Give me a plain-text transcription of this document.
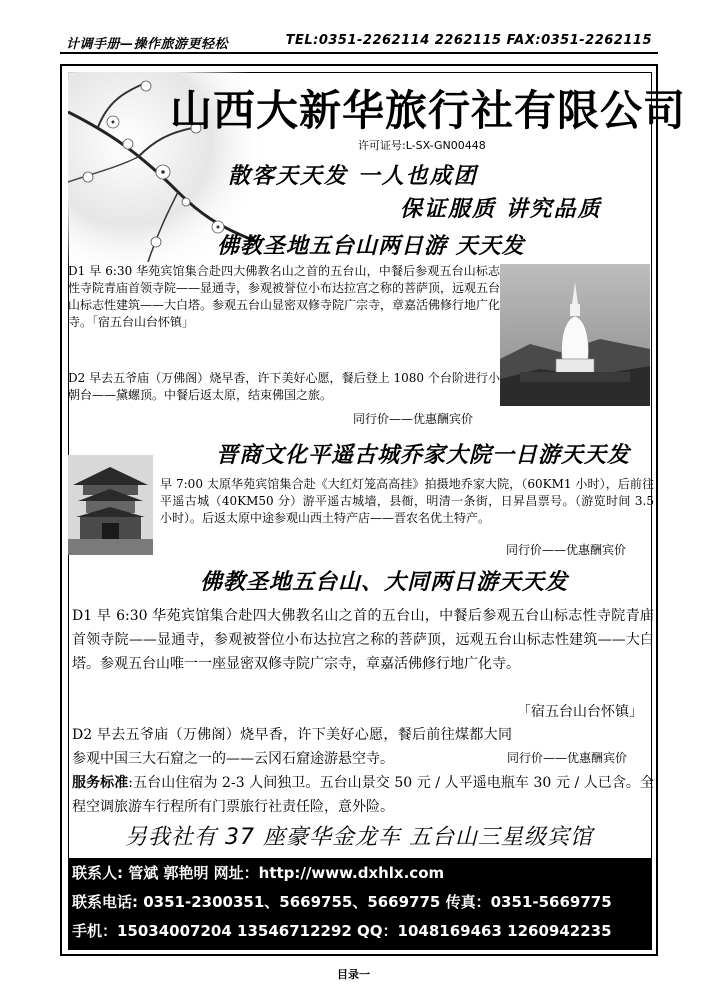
计调手册—操作旅游更轻松	TEL:0351-2262114 2262115 FAX:0351-2262115
山西大新华旅行社有限公司
许可证号:L-SX-GN00448
散客天天发 一人也成团
保证服质 讲究品质
佛教圣地五台山两日游 天天发
D1 早 6:30 华苑宾馆集合赴四大佛教名山之首的五台山，中餐后参观五台山标志性寺院青庙首领寺院——显通寺，参观被誉位小布达拉宫之称的菩萨顶，远观五台山标志性建筑——大白塔。参观五台山显密双修寺院广宗寺，章嘉活佛修行地广化寺。「宿五台山台怀镇」
D2 早去五爷庙（万佛阁）烧早香，许下美好心愿，餐后登上 1080 个台阶进行小朝台——黛螺顶。中餐后返太原，结束佛国之旅。
同行价——优惠酬宾价
晋商文化平遥古城乔家大院一日游天天发
早 7:00 太原华苑宾馆集合赴《大红灯笼高高挂》拍摄地乔家大院，（60KM1 小时），后前往平遥古城（40KM50 分）游平遥古城墙，县衙，明清一条街，日昇昌票号。（游览时间 3.5 小时）。后返太原中途参观山西土特产店——晋农名优土特产。
同行价——优惠酬宾价
佛教圣地五台山、大同两日游天天发
D1 早 6:30 华苑宾馆集合赴四大佛教名山之首的五台山，中餐后参观五台山标志性寺院青庙首领寺院——显通寺，参观被誉位小布达拉宫之称的菩萨顶，远观五台山标志性建筑——大白塔。参观五台山唯一一座显密双修寺院广宗寺，章嘉活佛修行地广化寺。
「宿五台山台怀镇」
D2 早去五爷庙（万佛阁）烧早香，许下美好心愿，餐后前往煤都大同参观中国三大石窟之一的——云冈石窟途游悬空寺。	同行价——优惠酬宾价
服务标准:五台山住宿为 2-3 人间独卫。五台山景交 50 元 / 人平遥电瓶车 30 元 / 人已含。全程空调旅游车行程所有门票旅行社责任险，意外险。
另我社有 37 座豪华金龙车 五台山三星级宾馆
联系人: 管斌 郭艳明 网址：http://www.dxhlx.com
联系电话: 0351-2300351、5669755、5669775 传真：0351-5669775
手机：15034007204 13546712292 QQ：1048169463 1260942235
目录一
